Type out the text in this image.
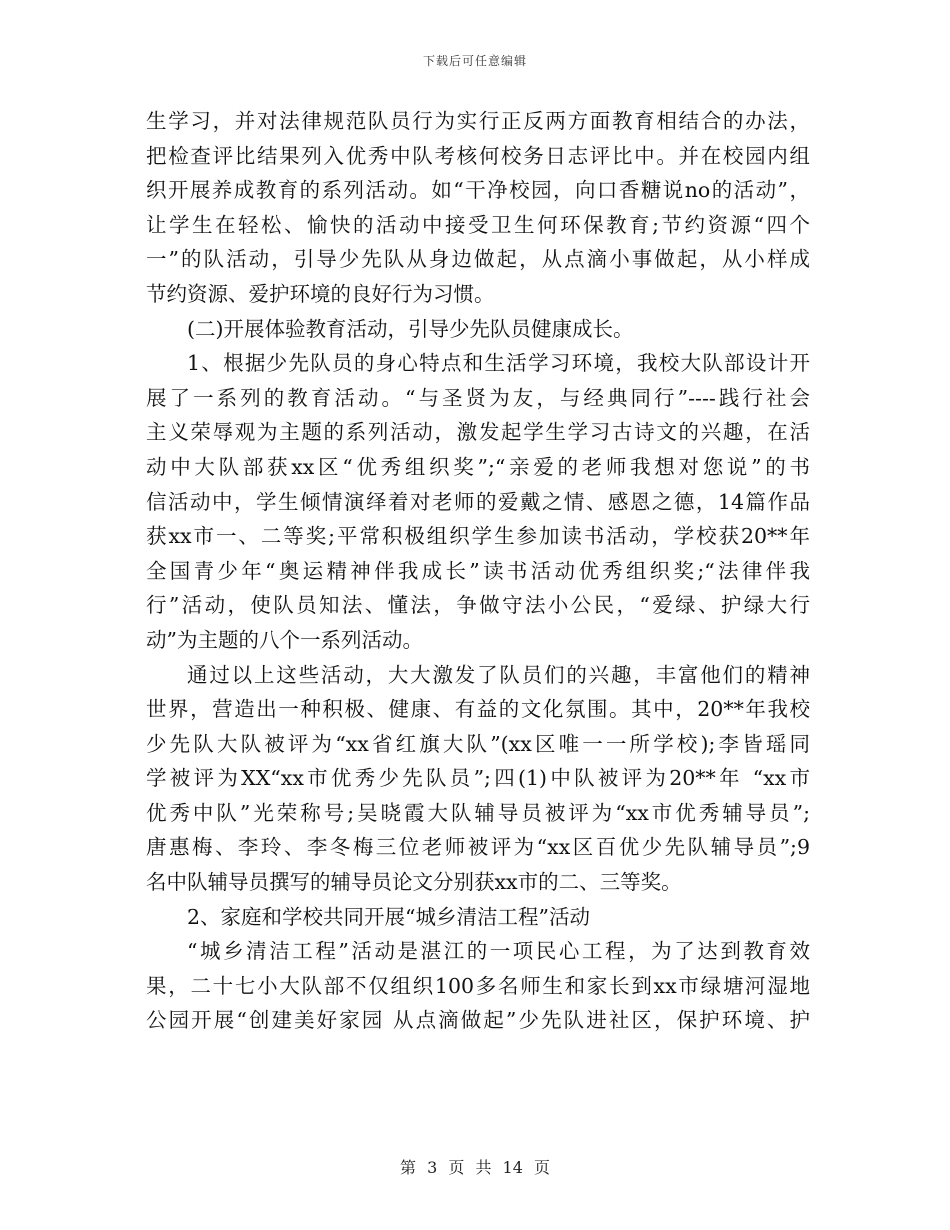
下载后可任意编辑
生学习，并对法律规范队员行为实行正反两方面教育相结合的办法，
把检查评比结果列入优秀中队考核何校务日志评比中。并在校园内组
织开展养成教育的系列活动。如“干净校园，向口香糖说no的活动”，
让学生在轻松、愉快的活动中接受卫生何环保教育;节约资源“四个
一”的队活动，引导少先队从身边做起，从点滴小事做起，从小样成
节约资源、爱护环境的良好行为习惯。
(二)开展体验教育活动，引导少先队员健康成长。
1、根据少先队员的身心特点和生活学习环境，我校大队部设计开
展了一系列的教育活动。“与圣贤为友，与经典同行”----践行社会
主义荣辱观为主题的系列活动，激发起学生学习古诗文的兴趣，在活
动中大队部获xx区“优秀组织奖”;“亲爱的老师我想对您说”的书
信活动中，学生倾情演绎着对老师的爱戴之情、感恩之德，14篇作品
获xx市一、二等奖;平常积极组织学生参加读书活动，学校获20**年
全国青少年“奥运精神伴我成长”读书活动优秀组织奖;“法律伴我
行”活动，使队员知法、懂法，争做守法小公民，“爱绿、护绿大行
动”为主题的八个一系列活动。
通过以上这些活动，大大激发了队员们的兴趣，丰富他们的精神
世界，营造出一种积极、健康、有益的文化氛围。其中，20**年我校
少先队大队被评为“xx省红旗大队”(xx区唯一一所学校);李皆瑶同
学被评为XX“xx市优秀少先队员”;四(1)中队被评为20**年 “xx市
优秀中队”光荣称号;吴晓霞大队辅导员被评为“xx市优秀辅导员”;
唐惠梅、李玲、李冬梅三位老师被评为“xx区百优少先队辅导员”;9
名中队辅导员撰写的辅导员论文分别获xx市的二、三等奖。
2、家庭和学校共同开展“城乡清洁工程”活动
“城乡清洁工程”活动是湛江的一项民心工程，为了达到教育效
果，二十七小大队部不仅组织100多名师生和家长到xx市绿塘河湿地
公园开展“创建美好家园 从点滴做起”少先队进社区，保护环境、护
第 3 页 共 14 页
